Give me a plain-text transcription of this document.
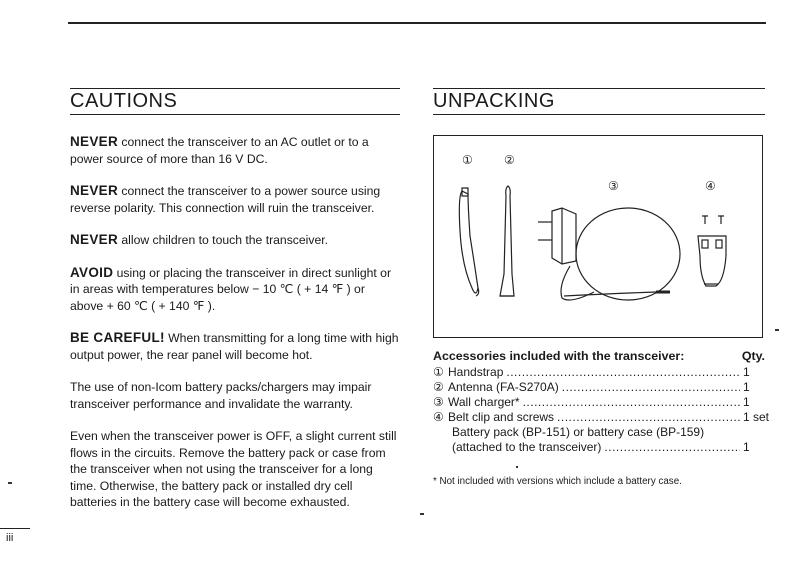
CAUTIONS

NEVER connect the transceiver to an AC outlet or to a power source of more than 16 V DC.

NEVER connect the transceiver to a power source using reverse polarity. This connection will ruin the transceiver.

NEVER allow children to touch the transceiver.

AVOID using or placing the transceiver in direct sunlight or in areas with temperatures below − 10 ℃ ( + 14 ℉ ) or above + 60 ℃ ( + 140 ℉ ).

BE CAREFUL! When transmitting for a long time with high output power, the rear panel will become hot.

The use of non-Icom battery packs/chargers may impair transceiver performance and invalidate the warranty.

Even when the transceiver power is OFF, a slight current still flows in the circuits. Remove the battery pack or case from the transceiver when not using the transceiver for a long time. Otherwise, the battery pack or installed dry cell batteries in the battery case will become exhausted.

UNPACKING
①	②
③	④
Accessories included with the transceiver:	Qty.
① Handstrap .....	1
② Antenna (FA-S270A) .....	1
③ Wall charger* .....	1
④ Belt clip and screws .....	1 set
Battery pack (BP-151) or battery case (BP-159)
(attached to the transceiver) .....	1
* Not included with versions which include a battery case.
iii
